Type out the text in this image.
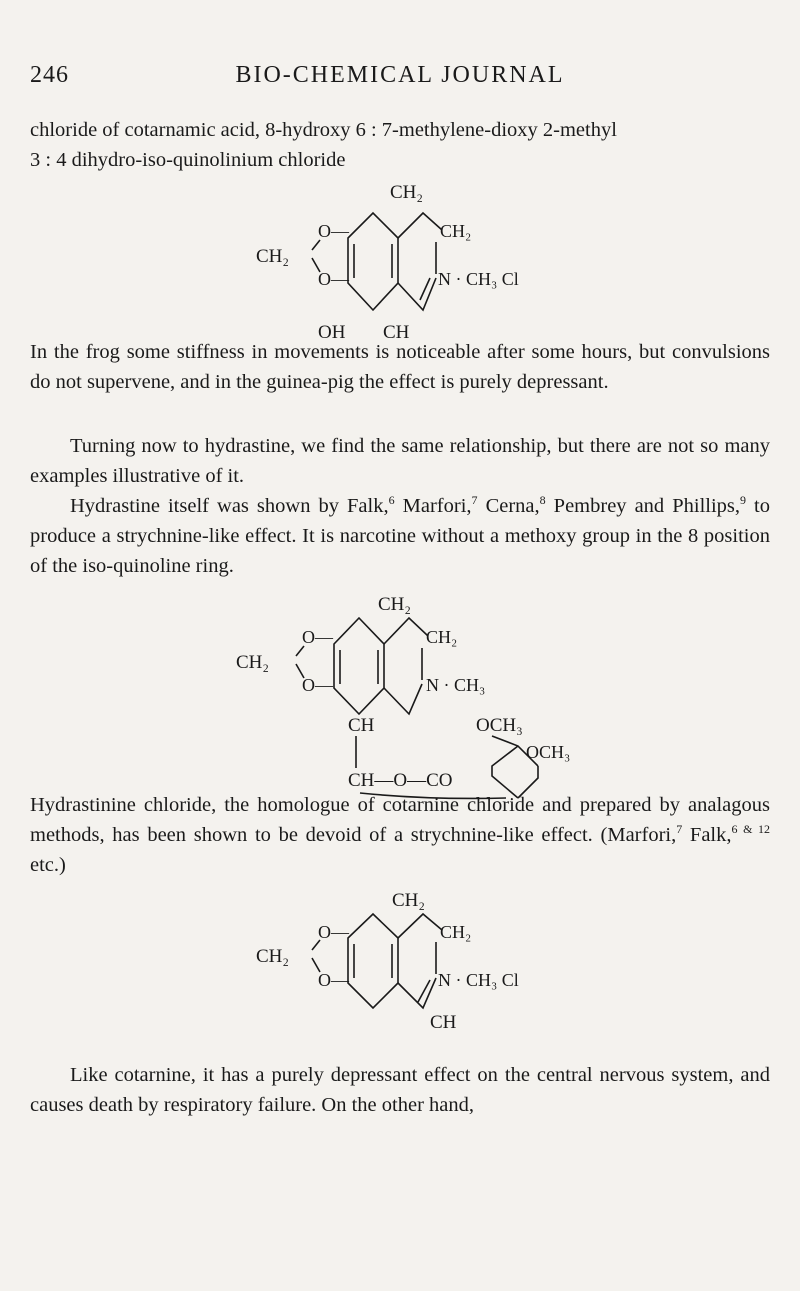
246	BIO-CHEMICAL JOURNAL
chloride of cotarnamic acid, 8-hydroxy 6 : 7-methylene-dioxy 2-methyl
3 : 4 dihydro-iso-quinolinium chloride
CH₂
CH₂
O—
O—
CH₂
N · CH₃ Cl
OH CH
In the frog some stiffness in movements is noticeable after some hours, but convulsions do not supervene, and in the guinea-pig the effect is purely depressant.
Turning now to hydrastine, we find the same relationship, but there are not so many examples illustrative of it.
Hydrastine itself was shown by Falk,$^6$ Marfori,$^7$ Cerna,$^8$ Pembrey and Phillips,$^9$ to produce a strychnine-like effect. It is narcotine without a methoxy group in the 8 position of the iso-quinoline ring.
CH₂
CH₂
O—
O—
CH₂
N · CH₃
CH	OCH₃
OCH₃
CH—O—CO
Hydrastinine chloride, the homologue of cotarnine chloride and prepared by analagous methods, has been shown to be devoid of a strychnine-like effect. (Marfori,$^7$ Falk,$^{6 \& 12}$ etc.)
CH₂
CH₂
O—
O—
CH₂
N · CH₃ Cl
CH
Like cotarnine, it has a purely depressant effect on the central nervous system, and causes death by respiratory failure. On the other hand,
